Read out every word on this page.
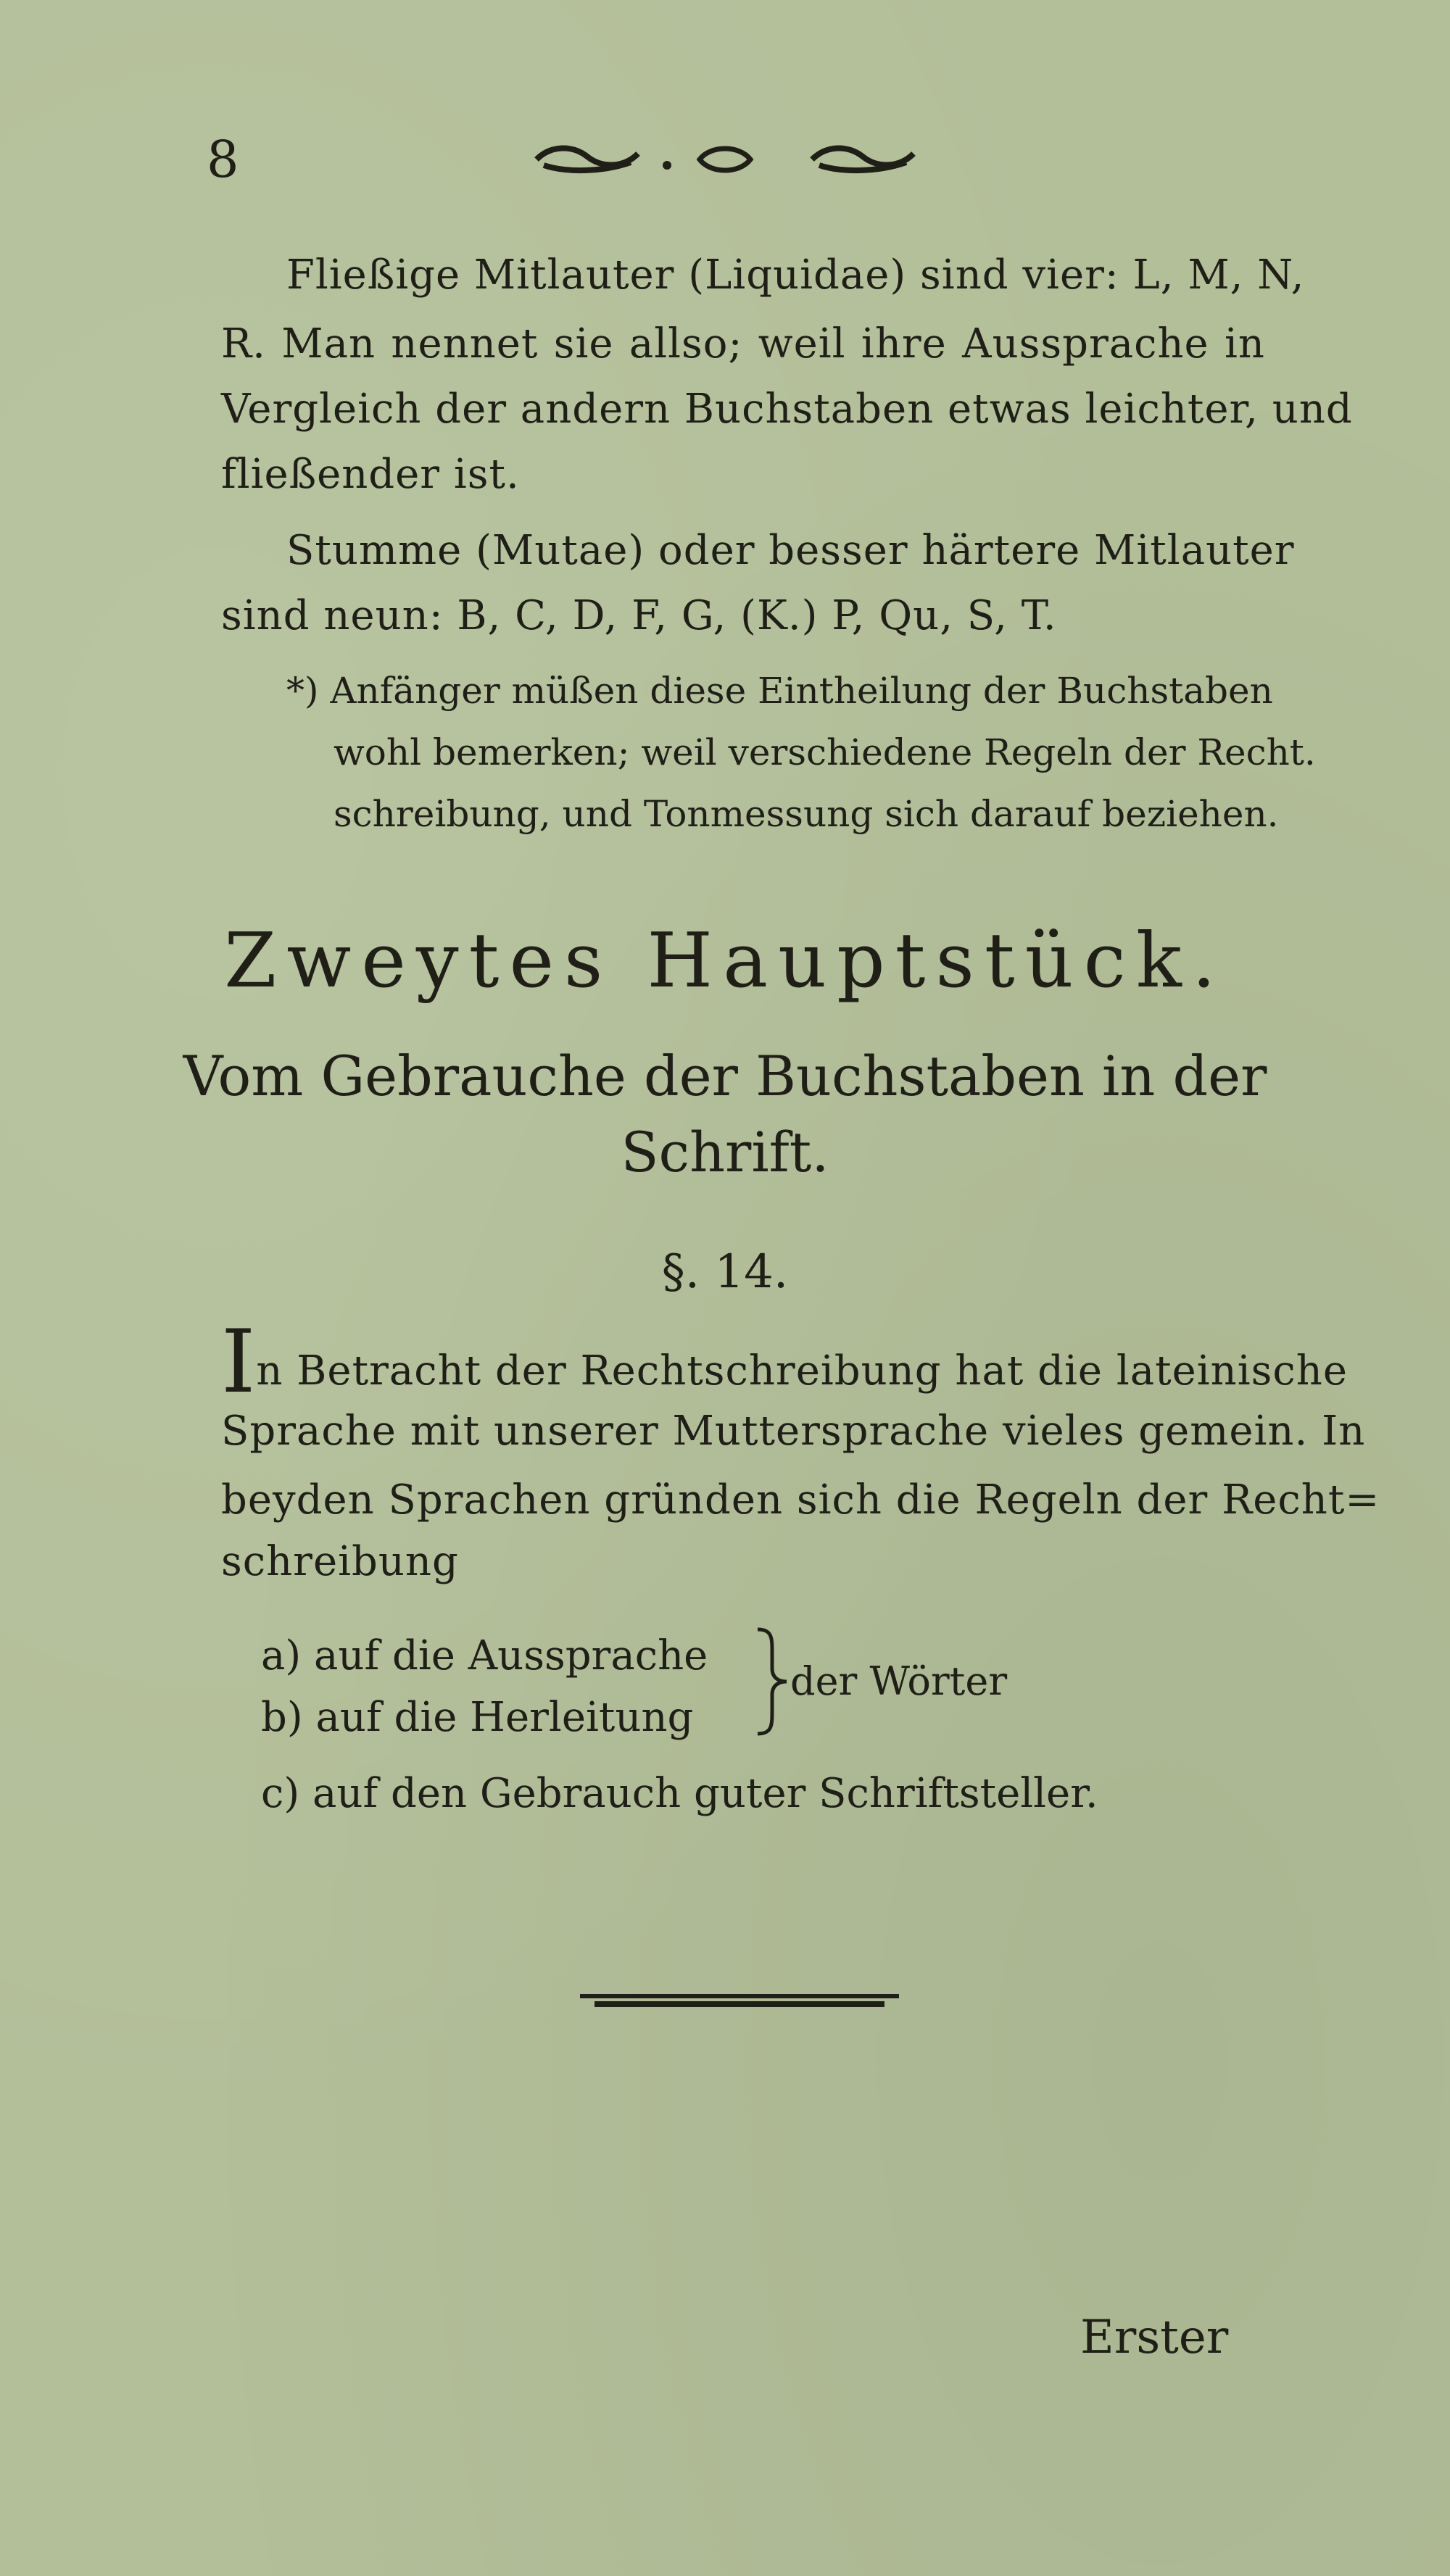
8
Fließige Mitlauter (Liquidae) sind vier: L, M, N,
R. Man nennet sie allso; weil ihre Aussprache in
Vergleich der andern Buchstaben etwas leichter, und
fließender ist.
Stumme (Mutae) oder besser härtere Mitlauter
sind neun: B, C, D, F, G, (K.) P, Qu, S, T.
*) Anfänger müßen diese Eintheilung der Buchstaben
wohl bemerken; weil verschiedene Regeln der Recht.
schreibung, und Tonmessung sich darauf beziehen.
Zweytes Hauptstück.
Vom Gebrauche der Buchstaben in der
Schrift.
§. 14.
In Betracht der Rechtschreibung hat die lateinische
Sprache mit unserer Muttersprache vieles gemein. In
beyden Sprachen gründen sich die Regeln der Recht=
schreibung
a) auf die Aussprache
b) auf die Herleitung
der Wörter
c) auf den Gebrauch guter Schriftsteller.
Erster
